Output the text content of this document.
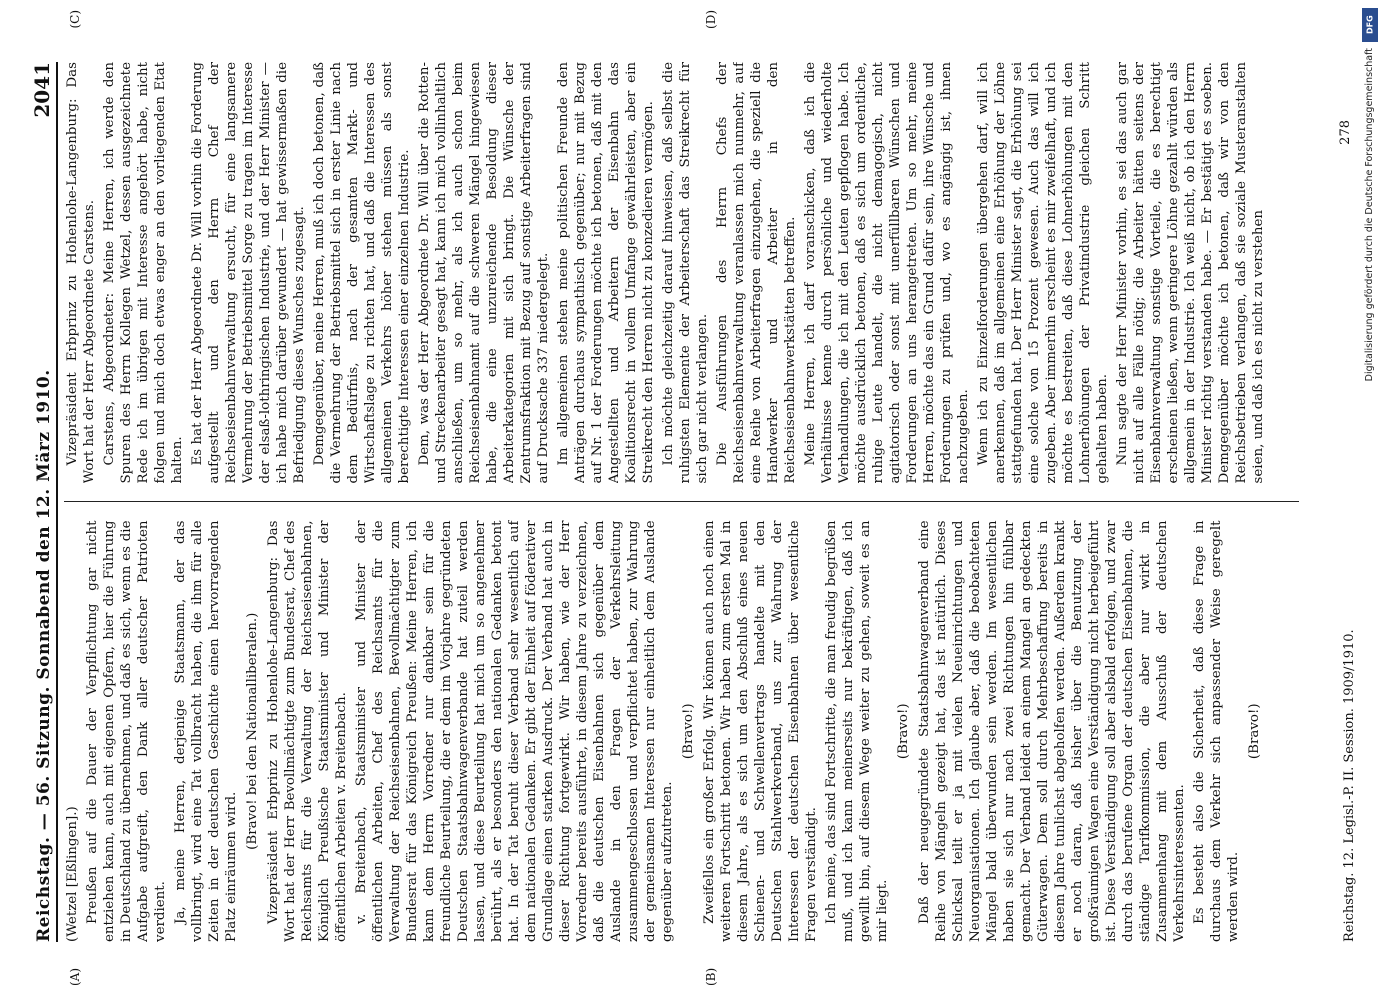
Reichstag. — 56. Sitzung. Sonnabend den 12. März 1910.
2041
(A)	(B)
(C)	(D)

(Wetzel [Eßlingen].) Preußen auf die Dauer der Verpflichtung gar nicht entziehen kann, auch mit eigenen Opfern, hier die Führung in Deutschland zu übernehmen, und daß es sich, wenn es die Aufgabe aufgreift, den Dank aller deutscher Patrioten verdient. Ja, meine Herren, derjenige Staatsmann, der das vollbringt, wird eine Tat vollbracht haben, die ihm für alle Zeiten in der deutschen Geschichte einen hervorragenden Platz einräumen wird.

(Bravo! bei den Nationalliberalen.) Vizepräsident Erbprinz zu Hohenlohe-Langenburg: Das Wort hat der Herr Bevollmächtigte zum Bundesrat, Chef des Reichsamts für die Verwaltung der Reichseisenbahnen, Königlich Preußische Staatsminister und Minister der öffentlichen Arbeiten v. Breitenbach. v. Breitenbach, Staatsminister und Minister der öffentlichen Arbeiten, Chef des Reichsamts für die Verwaltung der Reichseisenbahnen, Bevollmächtigter zum Bundesrat für das Königreich Preußen: Meine Herren, ich kann dem Herrn Vorredner nur dankbar sein für die freundliche Beurteilung, die er dem im Vorjahre gegründeten Deutschen Staatsbahnwagenverbande hat zuteil werden lassen, und diese Beurteilung hat mich um so angenehmer berührt, als er besonders den nationalen Gedanken betont hat. In der Tat beruht dieser Verband sehr wesentlich auf dem nationalen Gedanken. Er gibt der Einheit auf föderativer Grundlage einen starken Ausdruck. Der Verband hat auch in dieser Richtung fortgewirkt. Wir haben, wie der Herr Vorredner bereits ausführte, in diesem Jahre zu verzeichnen, daß die deutschen Eisenbahnen sich gegenüber dem Auslande in den Fragen der Verkehrsleitung zusammengeschlossen und verpflichtet haben, zur Wahrung der gemeinsamen Interessen nur einheitlich dem Auslande gegenüber aufzutreten.

(Bravo!) Zweifellos ein großer Erfolg. Wir können auch noch einen weiteren Fortschritt betonen. Wir haben zum ersten Mal in diesem Jahre, als es sich um den Abschluß eines neuen Schienen- und Schwellenvertrags handelte mit den Deutschen Stahlwerkverband, uns zur Wahrung der Interessen der deutschen Eisenbahnen über wesentliche Fragen verständigt. Ich meine, das sind Fortschritte, die man freudig begrüßen muß, und ich kann meinerseits nur bekräftigen, daß ich gewillt bin, auf diesem Wege weiter zu gehen, soweit es an mir liegt.

(Bravo!) Daß der neugegründete Staatsbahnwagenverband eine Reihe von Mängeln gezeigt hat, das ist natürlich. Dieses Schicksal teilt er ja mit vielen Neueinrichtungen und Neuorganisationen. Ich glaube aber, daß die beobachteten Mängel bald überwunden sein werden. Im wesentlichen haben sie sich nur nach zwei Richtungen hin fühlbar gemacht. Der Verband leidet an einem Mangel an gedeckten Güterwagen. Dem soll durch Mehrbeschaffung bereits in diesem Jahre tunlichst abgeholfen werden. Außerdem krankt er noch daran, daß bisher über die Benutzung der großräumigen Wagen eine Verständigung nicht herbeigeführt ist. Diese Verständigung soll aber alsbald erfolgen, und zwar durch das berufene Organ der deutschen Eisenbahnen, die ständige Tarifkommission, die aber nur wirkt in Zusammenhang mit dem Ausschuß der deutschen Verkehrsinteressenten. Es besteht also die Sicherheit, daß diese Frage in durchaus dem Verkehr sich anpassender Weise geregelt werden wird.

(Bravo!)

Vizepräsident Erbprinz zu Hohenlohe-Langenburg: Das Wort hat der Herr Abgeordnete Carstens. Carstens, Abgeordneter: Meine Herren, ich werde den Spuren des Herrn Kollegen Wetzel, dessen ausgezeichnete Rede ich im übrigen mit Interesse angehört habe, nicht folgen und mich doch etwas enger an den vorliegenden Etat halten. Es hat der Herr Abgeordnete Dr. Will vorhin die Forderung aufgestellt und den Herrn Chef der Reichseisenbahnverwaltung ersucht, für eine langsamere Vermehrung der Betriebsmittel Sorge zu tragen im Interesse der elsaß-lothringischen Industrie, und der Herr Minister — ich habe mich darüber gewundert — hat gewissermaßen die Befriedigung dieses Wunsches zugesagt. Demgegenüber, meine Herren, muß ich doch betonen, daß die Vermehrung der Betriebsmittel sich in erster Linie nach dem Bedürfnis, nach der gesamten Markt- und Wirtschaftslage zu richten hat, und daß die Interessen des allgemeinen Verkehrs höher stehen müssen als sonst berechtigte Interessen einer einzelnen Industrie. Dem, was der Herr Abgeordnete Dr. Will über die Rotten- und Streckenarbeiter gesagt hat, kann ich mich vollinhaltlich anschließen, um so mehr, als ich auch schon beim Reichseisenbahnamt auf die schweren Mängel hingewiesen habe, die eine unzureichende Besoldung dieser Arbeiterkategorien mit sich bringt. Die Wünsche der Zentrumsfraktion mit Bezug auf sonstige Arbeiterfragen sind auf Drucksache 337 niedergelegt. Im allgemeinen stehen meine politischen Freunde den Anträgen durchaus sympathisch gegenüber; nur mit Bezug auf Nr. 1 der Forderungen möchte ich betonen, daß mit den Angestellten und Arbeitern der Eisenbahn das Koalitionsrecht in vollem Umfange gewährleisten, aber ein Streikrecht den Herren nicht zu konzedieren vermögen. Ich möchte gleichzeitig darauf hinweisen, daß selbst die ruhigsten Elemente der Arbeiterschaft das Streikrecht für sich gar nicht verlangen. Die Ausführungen des Herrn Chefs der Reichseisenbahnverwaltung veranlassen mich nunmehr, auf eine Reihe von Arbeiterfragen einzugehen, die speziell die Handwerker und Arbeiter in den Reichseisenbahnwerkstätten betreffen. Meine Herren, ich darf voranschicken, daß ich die Verhältnisse kenne durch persönliche und wiederholte Verhandlungen, die ich mit den Leuten gepflogen habe. Ich möchte ausdrücklich betonen, daß es sich um ordentliche, ruhige Leute handelt, die nicht demagogisch, nicht agitatorisch oder sonst mit unerfüllbaren Wünschen und Forderungen an uns herangetreten. Um so mehr, meine Herren, möchte das ein Grund dafür sein, ihre Wünsche und Forderungen zu prüfen und, wo es angängig ist, ihnen nachzugeben. Wenn ich zu Einzelforderungen übergehen darf, will ich anerkennen, daß im allgemeinen eine Erhöhung der Löhne stattgefunden hat. Der Herr Minister sagt, die Erhöhung sei eine solche von 15 Prozent gewesen. Auch das will ich zugeben. Aber immerhin erscheint es mir zweifelhaft, und ich möchte es bestreiten, daß diese Lohnerhöhungen mit den Lohnerhöhungen der Privatindustrie gleichen Schritt gehalten haben. Nun sagte der Herr Minister vorhin, es sei das auch gar nicht auf alle Fälle nötig; die Arbeiter hätten seitens der Eisenbahnverwaltung sonstige Vorteile, die es berechtigt erscheinen ließen, wenn geringere Löhne gezahlt würden als allgemein in der Industrie. Ich weiß nicht, ob ich den Herrn Minister richtig verstanden habe. — Er bestätigt es soeben. Demgegenüber möchte ich betonen, daß wir von den Reichsbetrieben verlangen, daß sie soziale Musteranstalten seien, und daß ich es nicht zu verstehen

Reichstag. 12. Legisl.-P. II. Session. 1909/1910.
278
DFG
Digitalisierung gefördert durch die Deutsche Forschungsgemeinschaft
